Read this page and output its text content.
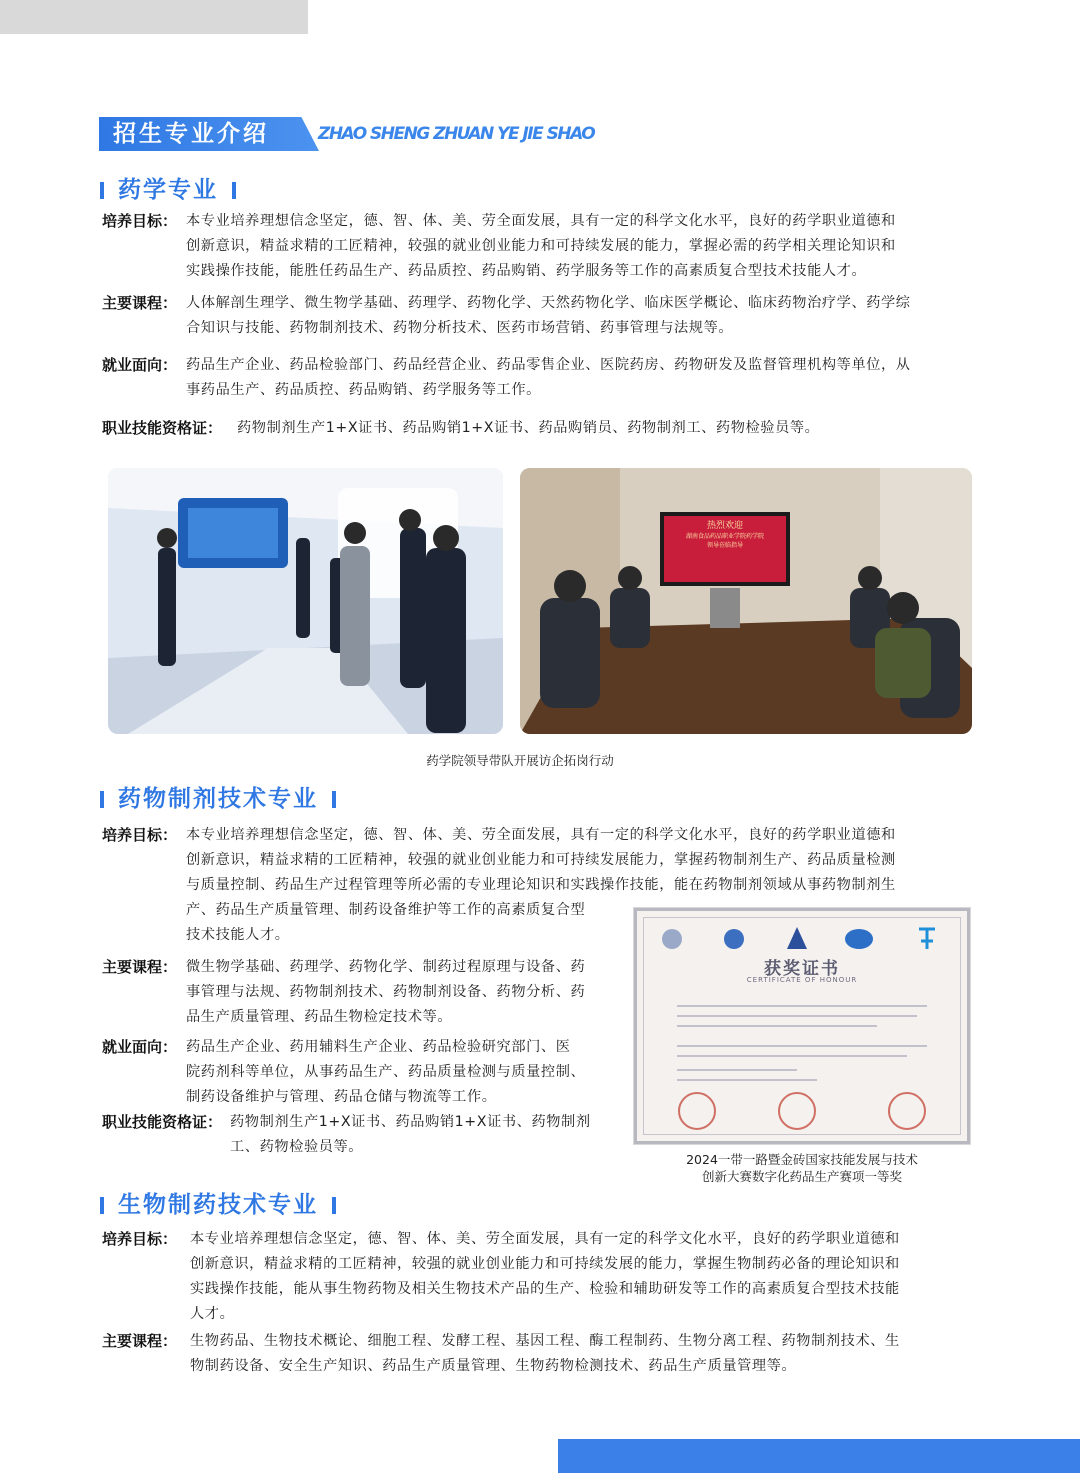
招生专业介绍	ZHAO SHENG ZHUAN YE JIE SHAO
药学专业
培养目标： 本专业培养理想信念坚定，德、智、体、美、劳全面发展，具有一定的科学文化水平，良好的药学职业道德和
创新意识，精益求精的工匠精神，较强的就业创业能力和可持续发展的能力，掌握必需的药学相关理论知识和
实践操作技能，能胜任药品生产、药品质控、药品购销、药学服务等工作的高素质复合型技术技能人才。
主要课程： 人体解剖生理学、微生物学基础、药理学、药物化学、天然药物化学、临床医学概论、临床药物治疗学、药学综
合知识与技能、药物制剂技术、药物分析技术、医药市场营销、药事管理与法规等。
就业面向： 药品生产企业、药品检验部门、药品经营企业、药品零售企业、医院药房、药物研发及监督管理机构等单位，从
事药品生产、药品质控、药品购销、药学服务等工作。
职业技能资格证：	药物制剂生产1+X证书、药品购销1+X证书、药品购销员、药物制剂工、药物检验员等。
热烈欢迎
湖南食品药品职业学院药学院
领导莅临指导
药学院领导带队开展访企拓岗行动
药物制剂技术专业
培养目标： 本专业培养理想信念坚定，德、智、体、美、劳全面发展，具有一定的科学文化水平，良好的药学职业道德和
创新意识，精益求精的工匠精神，较强的就业创业能力和可持续发展能力，掌握药物制剂生产、药品质量检测
与质量控制、药品生产过程管理等所必需的专业理论知识和实践操作技能，能在药物制剂领域从事药物制剂生
产、药品生产质量管理、制药设备维护等工作的高素质复合型
技术技能人才。
主要课程： 微生物学基础、药理学、药物化学、制药过程原理与设备、药
事管理与法规、药物制剂技术、药物制剂设备、药物分析、药
品生产质量管理、药品生物检定技术等。
就业面向： 药品生产企业、药用辅料生产企业、药品检验研究部门、医
院药剂科等单位，从事药品生产、药品质量检测与质量控制、
制药设备维护与管理、药品仓储与物流等工作。
职业技能资格证： 药物制剂生产1+X证书、药品购销1+X证书、药物制剂
工、药物检验员等。
获奖证书
CERTIFICATE OF HONOUR
2024一带一路暨金砖国家技能发展与技术
创新大赛数字化药品生产赛项一等奖
生物制药技术专业
培养目标： 本专业培养理想信念坚定，德、智、体、美、劳全面发展，具有一定的科学文化水平，良好的药学职业道德和
创新意识，精益求精的工匠精神，较强的就业创业能力和可持续发展的能力，掌握生物制药必备的理论知识和
实践操作技能，能从事生物药物及相关生物技术产品的生产、检验和辅助研发等工作的高素质复合型技术技能
人才。
主要课程： 生物药品、生物技术概论、细胞工程、发酵工程、基因工程、酶工程制药、生物分离工程、药物制剂技术、生
物制药设备、安全生产知识、药品生产质量管理、生物药物检测技术、药品生产质量管理等。
